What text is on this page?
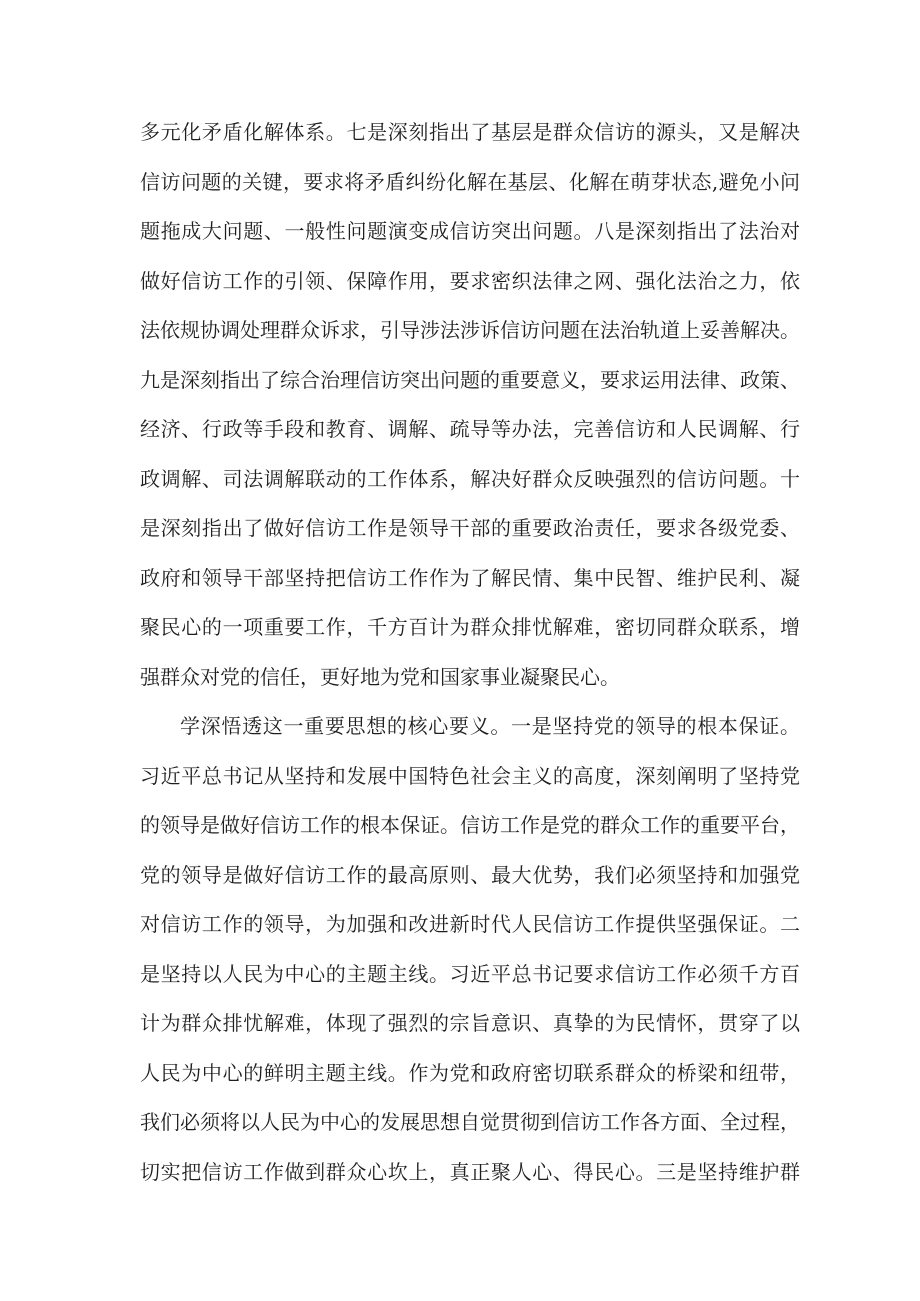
多元化矛盾化解体系。七是深刻指出了基层是群众信访的源头，又是解决
信访问题的关键，要求将矛盾纠纷化解在基层、化解在萌芽状态,避免小问
题拖成大问题、一般性问题演变成信访突出问题。八是深刻指出了法治对
做好信访工作的引领、保障作用，要求密织法律之网、强化法治之力，依
法依规协调处理群众诉求，引导涉法涉诉信访问题在法治轨道上妥善解决。
九是深刻指出了综合治理信访突出问题的重要意义，要求运用法律、政策、
经济、行政等手段和教育、调解、疏导等办法，完善信访和人民调解、行
政调解、司法调解联动的工作体系，解决好群众反映强烈的信访问题。十
是深刻指出了做好信访工作是领导干部的重要政治责任，要求各级党委、
政府和领导干部坚持把信访工作作为了解民情、集中民智、维护民利、凝
聚民心的一项重要工作，千方百计为群众排忧解难，密切同群众联系，增
强群众对党的信任，更好地为党和国家事业凝聚民心。
学深悟透这一重要思想的核心要义。一是坚持党的领导的根本保证。
习近平总书记从坚持和发展中国特色社会主义的高度，深刻阐明了坚持党
的领导是做好信访工作的根本保证。信访工作是党的群众工作的重要平台，
党的领导是做好信访工作的最高原则、最大优势，我们必须坚持和加强党
对信访工作的领导，为加强和改进新时代人民信访工作提供坚强保证。二
是坚持以人民为中心的主题主线。习近平总书记要求信访工作必须千方百
计为群众排忧解难，体现了强烈的宗旨意识、真挚的为民情怀，贯穿了以
人民为中心的鲜明主题主线。作为党和政府密切联系群众的桥梁和纽带，
我们必须将以人民为中心的发展思想自觉贯彻到信访工作各方面、全过程，
切实把信访工作做到群众心坎上，真正聚人心、得民心。三是坚持维护群
